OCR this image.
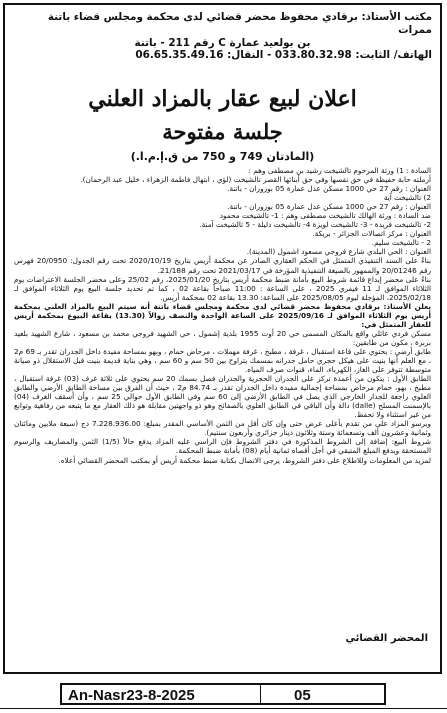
مكتب الأستاذ: برقادي محفوظ محضر قضائي لدى محكمة ومجلس قضاء باتنة ممرات
بن بولعيد عمارة C رقم 211 - باتنة
الهاتف/ الثابت: 033.80.32.98 - النقال: 06.65.35.49.16
اعلان لبيع عقار بالمزاد العلني
جلسة مفتوحة
(المادتان 749 و 750 من ق.إ.م.ا.)

السادة : 1) ورثة المرحوم تالشيخت رشيد بن مصطفى وهم :

أرملته حابة حفيظة في حق نفسها وفي حق أبنائها القصر تالشيخت (لؤي ، ابتهال فاطمة الزهراء ، خليل عبد الرحمان).

العنوان : رقم 27 حي 1000 مسكن عدل عمارة 05 بوزوران - باتنة.

2) تالشيخت آية

العنوان : رقم 27 حي 1000 مسكن عدل عمارة 05 بوزوران - باتنة.

ضد السادة : ورثة الهالك تالشيخت مصطفى وهم : 1- تالشيخت محمود

2- تالشيخت فريدة - 3- تالشيخت لويزة 4- تالشيخت دليلة - 5 تالشيخت آمنة.

العنوان : مركز اتصالات الجزائر - بريكة.

2 - تالشيخت سليم.

العنوان : الحي البلدي شارع فروجي مسعود اشمول (المدينة).

بناءً على السند التنفيذي المتمثل في الحكم العقاري الصادر عن محكمة أريس بتاريخ 2020/10/19 تحت رقم الجدول: 20/0950 فهرس رقم 20/01246 والممهور بالصيغة التنفيذية المؤرخة في 2021/03/17 تحت رقم 21/188.

بناءً على محضر إيداع قائمة شروط البيع بأمانة ضبط محكمة أريس بتاريخ 2025/01/20، رقم 25/02 وعلى محضر الجلسة الاعتراضات يوم الثلاثاء الموافق لـ 11 فيفري 2025 ، على الساعة : 11:00 صباحاً بقاعة 02 ، كما تم تحديد جلسة البيع يوم الثلاثاء الموافق لـ 2025/02/18، المؤجلة ليوم 2025/08/05 على الساعة: 13.30 بقاعة 02 بمحكمة أريس.

يعلن الأستاذ: برقادي محفوظ محضر قضائي لدى محكمة ومجلس قضاء باتنة أنه سيتم البيع بالمزاد العلني بمحكمة أريس يوم الثلاثاء الموافق لـ 2025/09/16 على الساعة الواحدة والنصف زوالاً (13.30) بقاعة البيوع بمحكمة أريس للعقار المتمثل في:

مسكن فردي عائلي واقع بالمكان المسمى حي 20 أوت 1955 بلدية إشمول ، حي الشهيد فروجي محمد بن مسعود ، شارع الشهيد بلعيد بربرة ، مكون من طابقين:

طابق أرضي : يحتوي على قاعة استقبال ، غرفة ، مطبخ ، غرفة مهملات ، مرحاض حمام ، وبهو بمساحة مفيدة داخل الجدران تقدر بـ 69 م2 ، مع العلم أنها بنيت على هيكل حجري حامل جدرانه بمسمك يتراوح بين 50 سم و 60 سم ، وهي بناية قديمة بنيت قبل الاستقلال ذو صيانة متوسطة تتوفر على الغاز، الكهرباء، الماء، قنوات صرف المياه.

الطابق الأول : يتكون من أعمدة تركز على الجدران الحجرية والجدران فصل بسمك 20 سم يحتوي على ثلاثة غرف (03) غرفة استقبال ، مطبخ ، بهو، حمام مرحاض بمساحة إجمالية مفيدة داخل الجدران تقدر بـ 84.74 م2 ، حيث أن الفرق بين مساحة الطابق الأرضي والطابق العلوي راجعة للجدار الخارجي الذي يصل في الطابق الأرضي إلى 60 سم وفي الطابق الأول حوالي 25 سم ، وأن أسقف الغرف (04) بالإسمنت المسلح (dalle) دالة وأن الباقي في الطابق العلوي بالصفائح وهو ذو واجهتين مقابلة هو ذلك العقار مع ما يتبعه من رفاهية وتوابع من غير استثناء ولا تحفظ.

ويرسو المزاد على من تقدم بأعلى عرض حتى وإن كان أقل من الثمن الأساسي المقدر بمبلغ: 7.228.936.00 دج (سبعة ملايين ومائتان وثمانية وعشرون ألف وتسعمائة وستة وثلاثون دينار جزائري وأربعون سنتيم).

شروط البيع: إضافة إلى الشروط المذكورة في دفتر الشروط فإن الراسي عليه المزاد يدفع حالاً (1/5) الثمن والمصاريف والرسوم المستحقة ويدفع المبلغ المتبقي في أجل أقصاه ثمانية أيام (08) بأمانة ضبط المحكمة.

لمزيد من المعلومات وللاطلاع على دفتر الشروط، يرجى الاتصال بكتابة ضبط محكمة أريس أو بمكتب المحضر القضائي أعلاه.

المحضر القضائي
An-Nasr23-8-2025	05
